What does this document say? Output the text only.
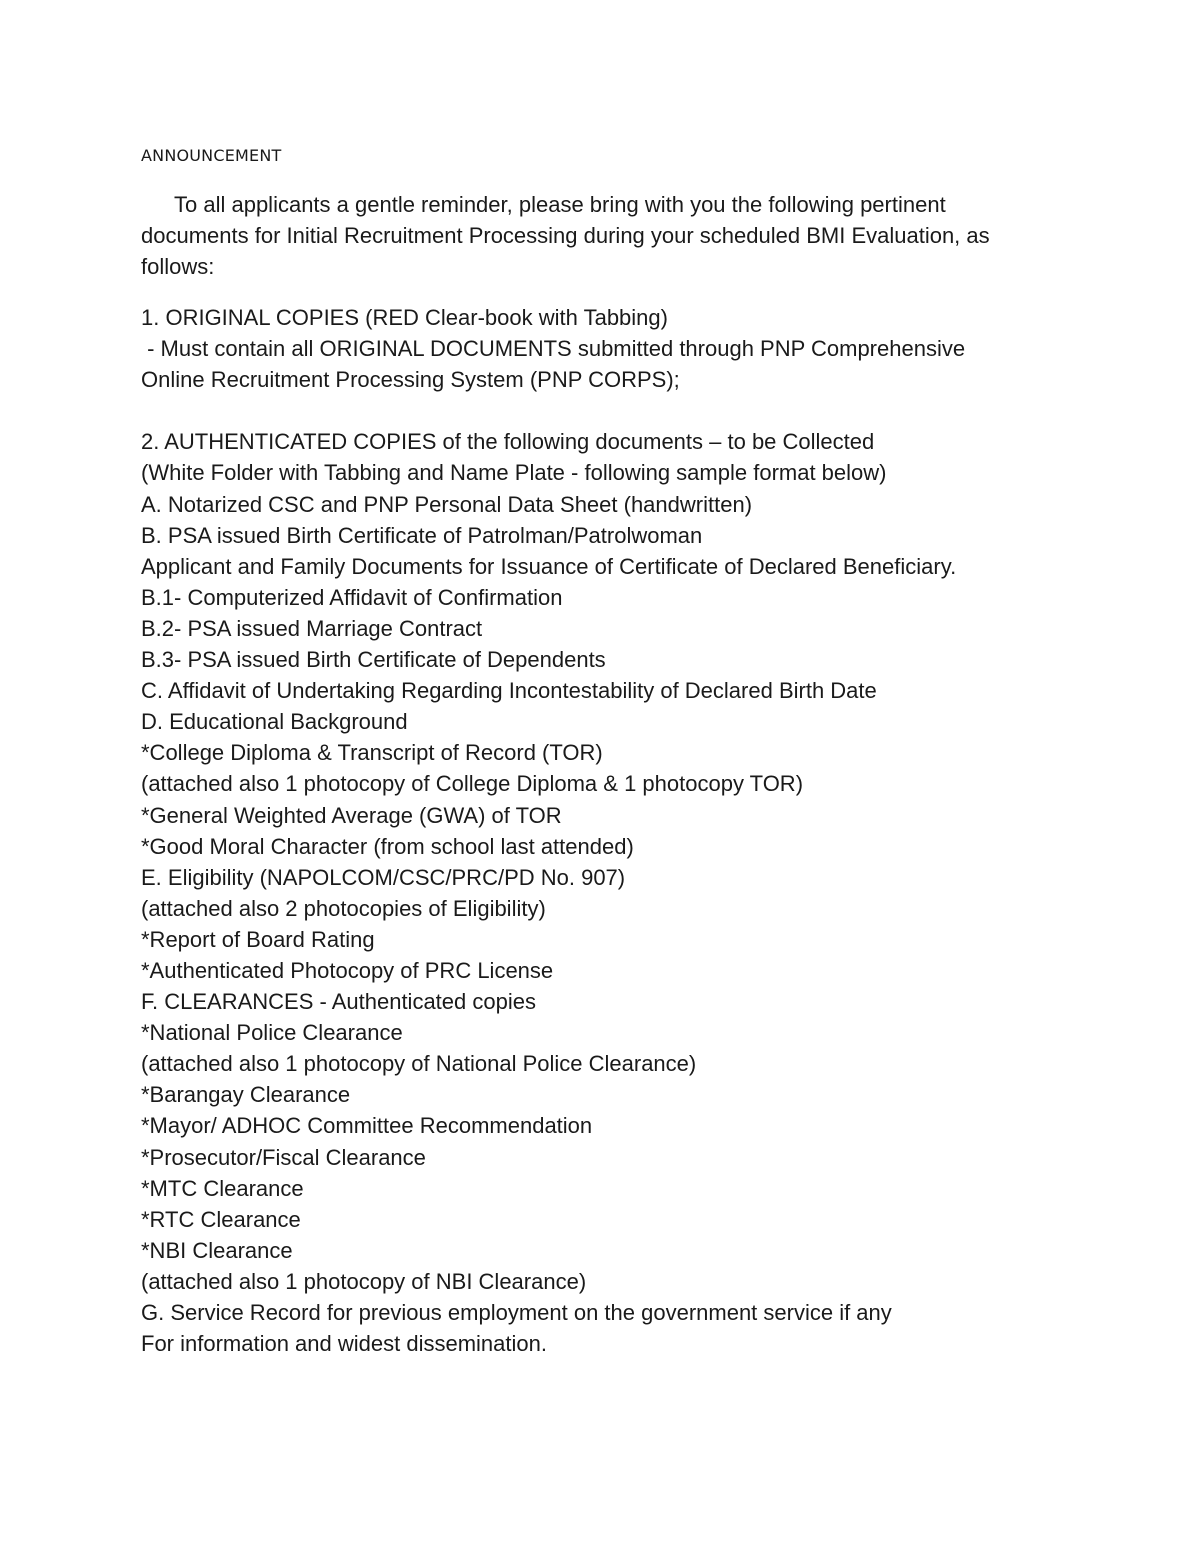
ANNOUNCEMENT
To all applicants a gentle reminder, please bring with you the following pertinent
documents for Initial Recruitment Processing during your scheduled BMI Evaluation, as
follows:
1. ORIGINAL COPIES (RED Clear-book with Tabbing)
- Must contain all ORIGINAL DOCUMENTS submitted through PNP Comprehensive
Online Recruitment Processing System (PNP CORPS);
2. AUTHENTICATED COPIES of the following documents – to be Collected
(White Folder with Tabbing and Name Plate - following sample format below)
A. Notarized CSC and PNP Personal Data Sheet (handwritten)
B. PSA issued Birth Certificate of Patrolman/Patrolwoman
Applicant and Family Documents for Issuance of Certificate of Declared Beneficiary.
B.1- Computerized Affidavit of Confirmation
B.2- PSA issued Marriage Contract
B.3- PSA issued Birth Certificate of Dependents
C. Affidavit of Undertaking Regarding Incontestability of Declared Birth Date
D. Educational Background
*College Diploma & Transcript of Record (TOR)
(attached also 1 photocopy of College Diploma & 1 photocopy TOR)
*General Weighted Average (GWA) of TOR
*Good Moral Character (from school last attended)
E. Eligibility (NAPOLCOM/CSC/PRC/PD No. 907)
(attached also 2 photocopies of Eligibility)
*Report of Board Rating
*Authenticated Photocopy of PRC License
F. CLEARANCES - Authenticated copies
*National Police Clearance
(attached also 1 photocopy of National Police Clearance)
*Barangay Clearance
*Mayor/ ADHOC Committee Recommendation
*Prosecutor/Fiscal Clearance
*MTC Clearance
*RTC Clearance
*NBI Clearance
(attached also 1 photocopy of NBI Clearance)
G. Service Record for previous employment on the government service if any
For information and widest dissemination.
